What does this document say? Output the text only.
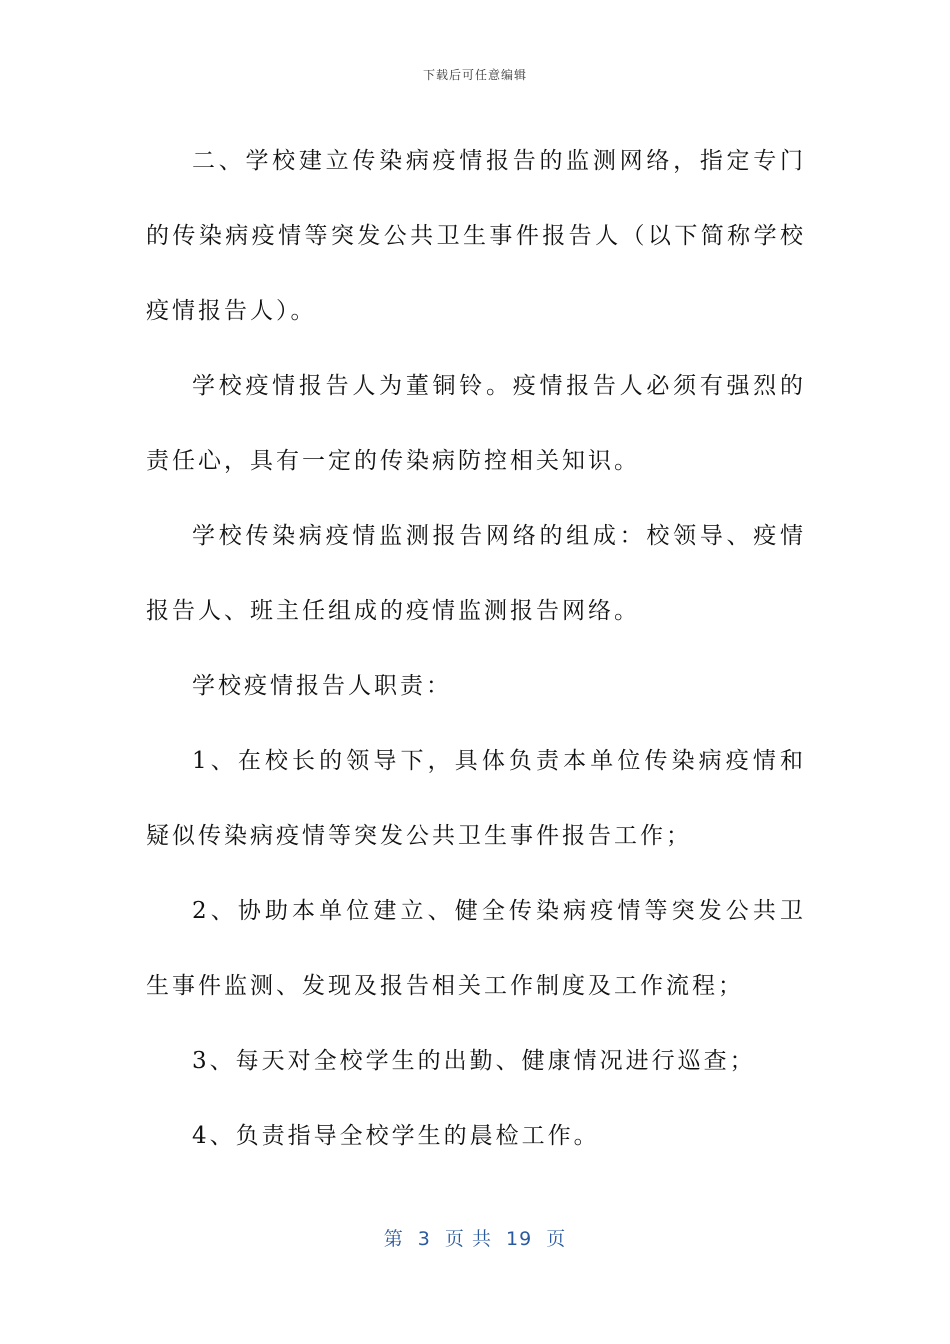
下载后可任意编辑

二、学校建立传染病疫情报告的监测网络，指定专门的传染病疫情等突发公共卫生事件报告人（以下简称学校疫情报告人）。

学校疫情报告人为董铜铃。疫情报告人必须有强烈的责任心，具有一定的传染病防控相关知识。

学校传染病疫情监测报告网络的组成：校领导、疫情报告人、班主任组成的疫情监测报告网络。

学校疫情报告人职责：

1、在校长的领导下，具体负责本单位传染病疫情和疑似传染病疫情等突发公共卫生事件报告工作；

2、协助本单位建立、健全传染病疫情等突发公共卫生事件监测、发现及报告相关工作制度及工作流程；

3、每天对全校学生的出勤、健康情况进行巡查；

4、负责指导全校学生的晨检工作。

第  3  页 共  19  页
